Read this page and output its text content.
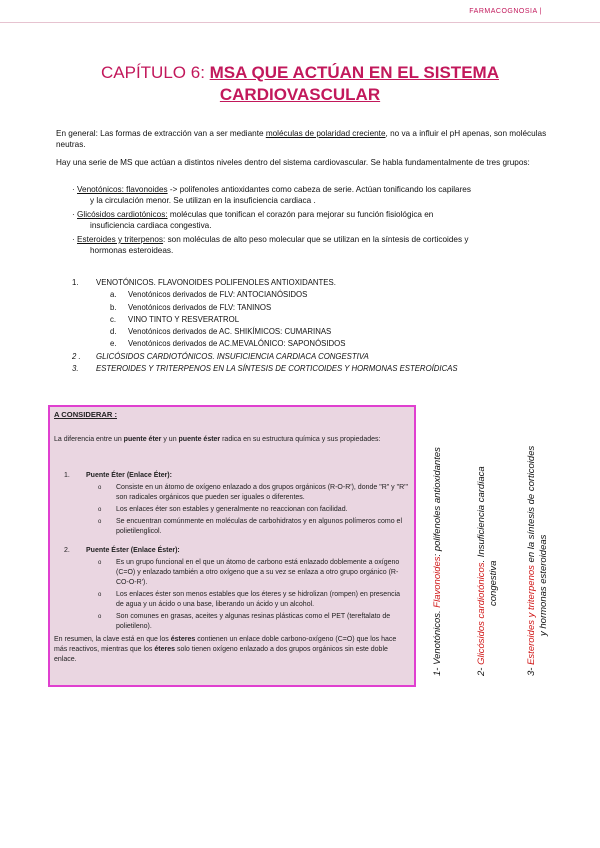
FARMACOGNOSIA |
CAPÍTULO 6: MSA QUE ACTÚAN EN EL SISTEMA
CARDIOVASCULAR
En general: Las formas de extracción van a ser mediante moléculas de polaridad creciente, no va a influir el pH apenas, son moléculas neutras.
Hay una serie de MS que actúan a distintos niveles dentro del sistema cardiovascular. Se habla fundamentalmente de tres grupos:
· Venotónicos: flavonoides -> polifenoles antioxidantes como cabeza de serie. Actúan tonificando los capilares
y la circulación menor. Se utilizan en la insuficiencia cardiaca .
· Glicósidos cardiotónicos: moléculas que tonifican el corazón para mejorar su función fisiológica en
insuficiencia cardiaca congestiva.
· Esteroides y triterpenos: son moléculas de alto peso molecular que se utilizan en la síntesis de corticoides y
hormonas esteroideas.
1.	VENOTÓNICOS. FLAVONOIDES POLIFENOLES ANTIOXIDANTES.
a.	Venotónicos derivados de FLV: ANTOCIANÓSIDOS
b.	Venotónicos derivados de FLV: TANINOS
c.	VINO TINTO Y RESVERATROL
d.	Venotónicos derivados de AC. SHIKÍMICOS: CUMARINAS
e.	Venotónicos derivados de AC.MEVALÓNICO: SAPONÓSIDOS
2 .	GLICÓSIDOS CARDIOTÓNICOS. INSUFICIENCIA CARDIACA CONGESTIVA
3.	ESTEROIDES Y TRITERPENOS EN LA SÍNTESIS DE CORTICOIDES Y HORMONAS ESTEROÍDICAS
A CONSIDERAR :
La diferencia entre un puente éter y un puente éster radica en su estructura química y sus propiedades:
1. Puente Éter (Enlace Éter):
o Consiste en un átomo de oxígeno enlazado a dos grupos orgánicos (R-O-R'), donde "R" y "R'" son radicales orgánicos que pueden ser iguales o diferentes.
o Los enlaces éter son estables y generalmente no reaccionan con facilidad.
o Se encuentran comúnmente en moléculas de carbohidratos y en algunos polímeros como el polietilenglicol.
2. Puente Éster (Enlace Éster):
o Es un grupo funcional en el que un átomo de carbono está enlazado doblemente a oxígeno (C=O) y enlazado también a otro oxígeno que a su vez se enlaza a otro grupo orgánico (R-CO-O-R').
o Los enlaces éster son menos estables que los éteres y se hidrolizan (rompen) en presencia de agua y un ácido o una base, liberando un ácido y un alcohol.
o Son comunes en grasas, aceites y algunas resinas plásticas como el PET (tereftalato de polietileno).
En resumen, la clave está en que los ésteres contienen un enlace doble carbono-oxígeno (C=O) que los hace más reactivos, mientras que los éteres solo tienen oxígeno enlazado a dos grupos orgánicos sin este doble enlace.	1- Venotónicos. Flavonoides: polifenoles antioxidantes
2- Glicósidos cardiotónicos. Insuficiencia cardiaca
congestiva
3- Esteroides y triterpenos en la síntesis de corticoides
y hormonas esteroideas
